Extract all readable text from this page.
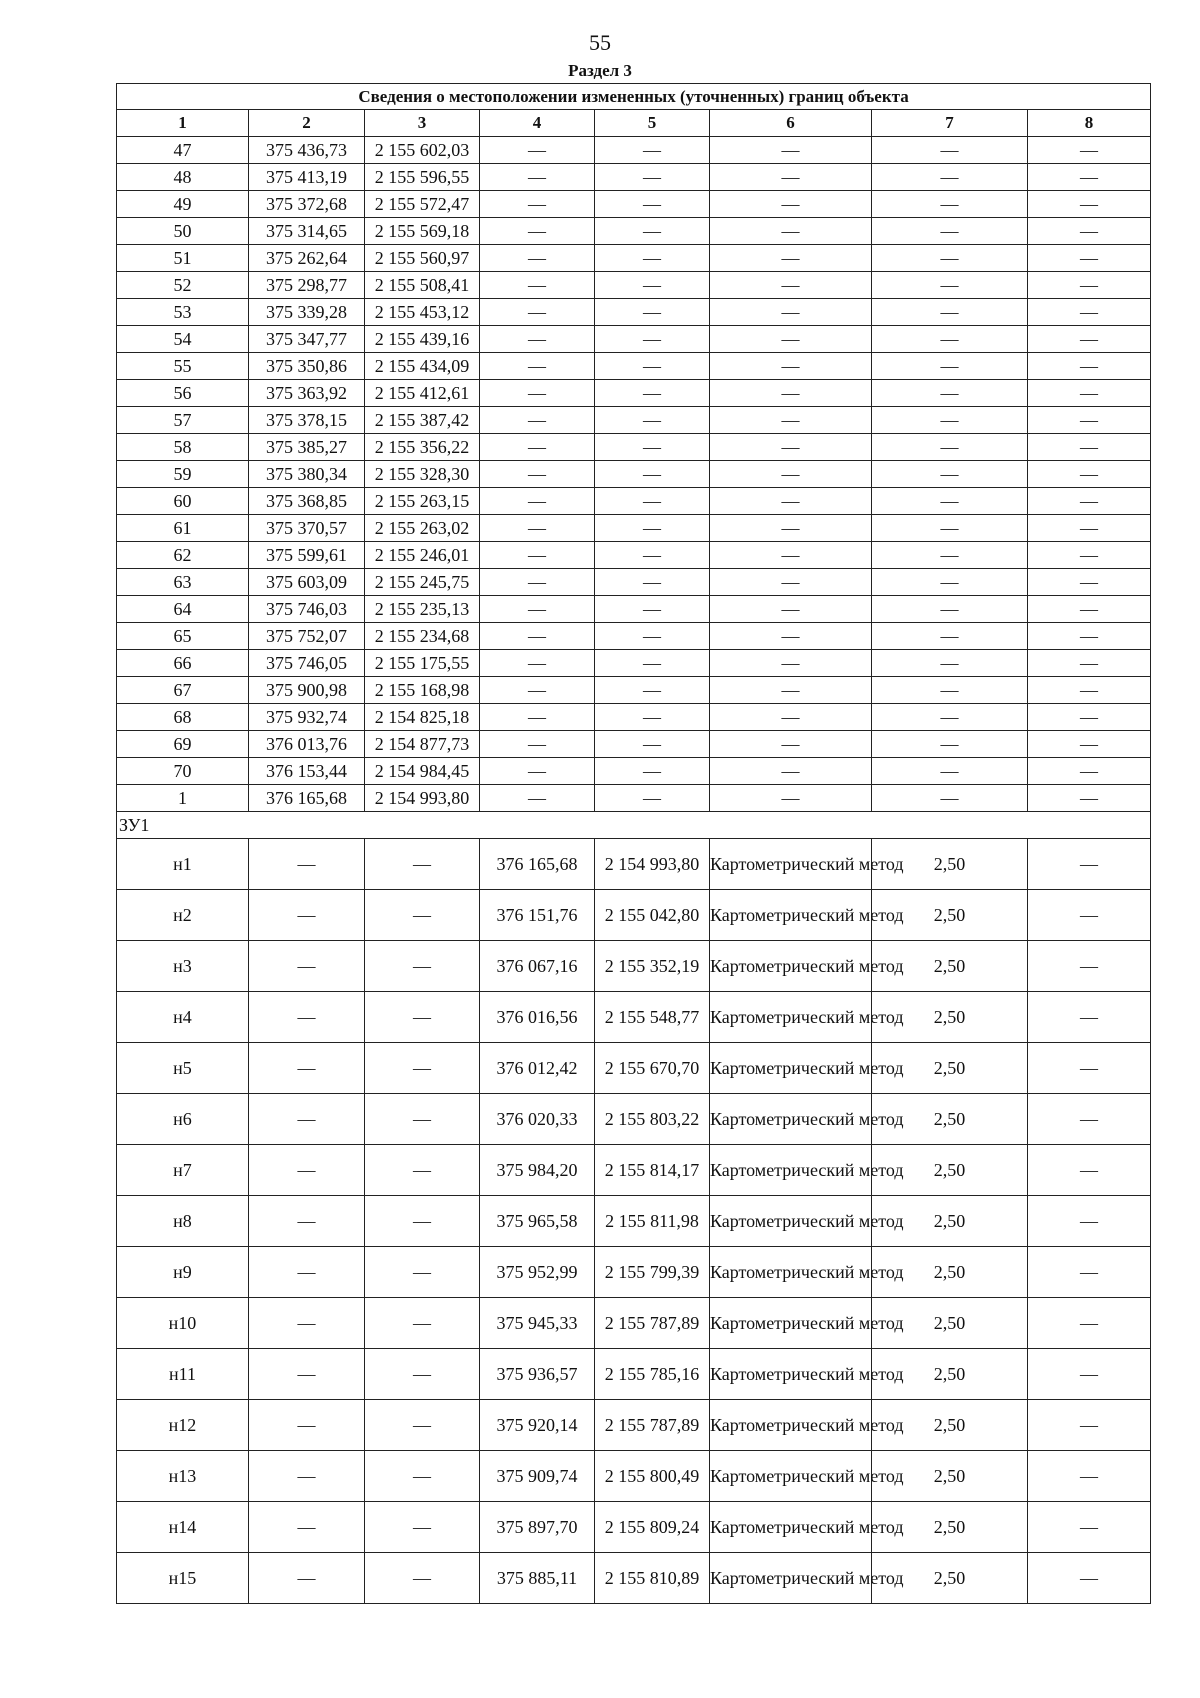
55
Раздел 3
Сведения о местоположении измененных (уточненных) границ объекта							
1	2	3	4	5	6	7	8
47	375 436,73	2 155 602,03	—	—	—	—	—
48	375 413,19	2 155 596,55	—	—	—	—	—
49	375 372,68	2 155 572,47	—	—	—	—	—
50	375 314,65	2 155 569,18	—	—	—	—	—
51	375 262,64	2 155 560,97	—	—	—	—	—
52	375 298,77	2 155 508,41	—	—	—	—	—
53	375 339,28	2 155 453,12	—	—	—	—	—
54	375 347,77	2 155 439,16	—	—	—	—	—
55	375 350,86	2 155 434,09	—	—	—	—	—
56	375 363,92	2 155 412,61	—	—	—	—	—
57	375 378,15	2 155 387,42	—	—	—	—	—
58	375 385,27	2 155 356,22	—	—	—	—	—
59	375 380,34	2 155 328,30	—	—	—	—	—
60	375 368,85	2 155 263,15	—	—	—	—	—
61	375 370,57	2 155 263,02	—	—	—	—	—
62	375 599,61	2 155 246,01	—	—	—	—	—
63	375 603,09	2 155 245,75	—	—	—	—	—
64	375 746,03	2 155 235,13	—	—	—	—	—
65	375 752,07	2 155 234,68	—	—	—	—	—
66	375 746,05	2 155 175,55	—	—	—	—	—
67	375 900,98	2 155 168,98	—	—	—	—	—
68	375 932,74	2 154 825,18	—	—	—	—	—
69	376 013,76	2 154 877,73	—	—	—	—	—
70	376 153,44	2 154 984,45	—	—	—	—	—
1	376 165,68	2 154 993,80	—	—	—	—	—
ЗУ1							
н1	—	—	376 165,68	2 154 993,80	Картометрический метод	2,50	—
н2	—	—	376 151,76	2 155 042,80	Картометрический метод	2,50	—
н3	—	—	376 067,16	2 155 352,19	Картометрический метод	2,50	—
н4	—	—	376 016,56	2 155 548,77	Картометрический метод	2,50	—
н5	—	—	376 012,42	2 155 670,70	Картометрический метод	2,50	—
н6	—	—	376 020,33	2 155 803,22	Картометрический метод	2,50	—
н7	—	—	375 984,20	2 155 814,17	Картометрический метод	2,50	—
н8	—	—	375 965,58	2 155 811,98	Картометрический метод	2,50	—
н9	—	—	375 952,99	2 155 799,39	Картометрический метод	2,50	—
н10	—	—	375 945,33	2 155 787,89	Картометрический метод	2,50	—
н11	—	—	375 936,57	2 155 785,16	Картометрический метод	2,50	—
н12	—	—	375 920,14	2 155 787,89	Картометрический метод	2,50	—
н13	—	—	375 909,74	2 155 800,49	Картометрический метод	2,50	—
н14	—	—	375 897,70	2 155 809,24	Картометрический метод	2,50	—
н15	—	—	375 885,11	2 155 810,89	Картометрический метод	2,50	—
